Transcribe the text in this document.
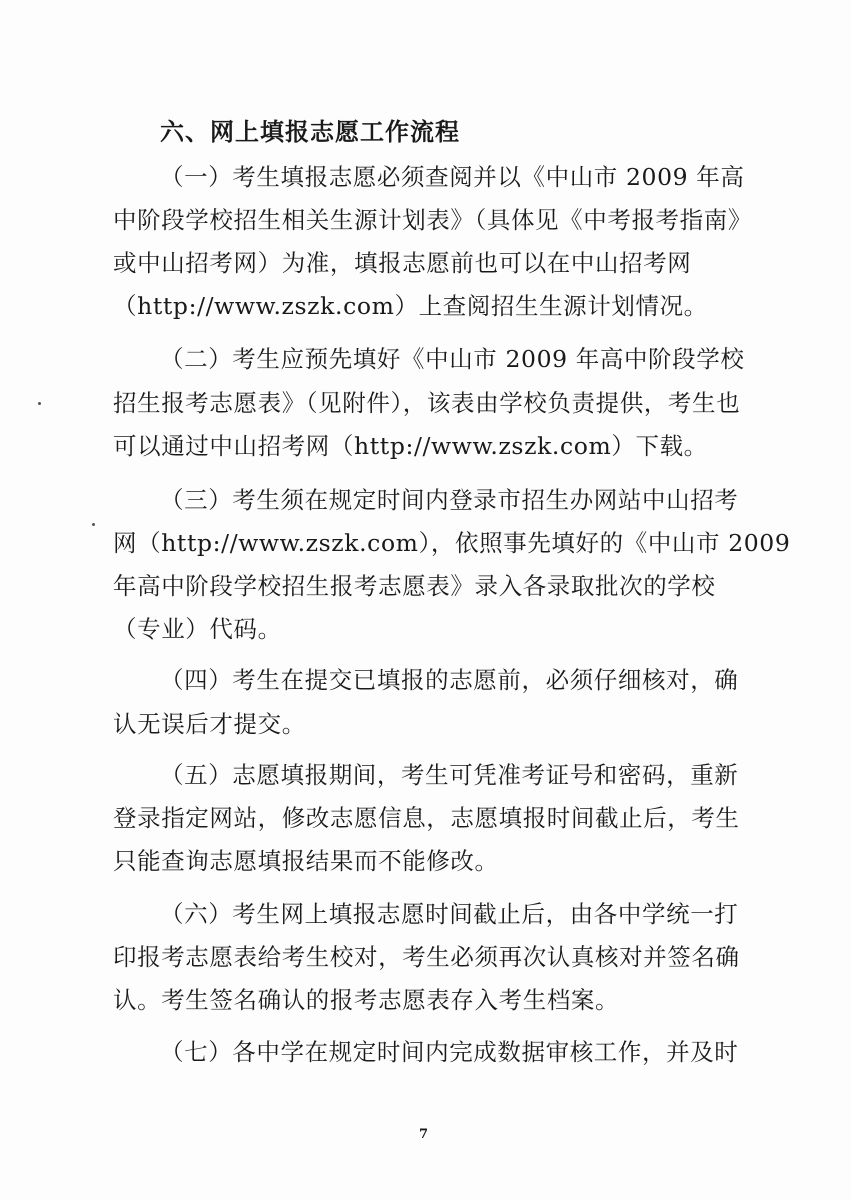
六、网上填报志愿工作流程
（一）考生填报志愿必须查阅并以《中山市 2009 年高
中阶段学校招生相关生源计划表》（具体见《中考报考指南》
或中山招考网）为准，填报志愿前也可以在中山招考网
（http://www.zszk.com）上查阅招生生源计划情况。
（二）考生应预先填好《中山市 2009 年高中阶段学校
招生报考志愿表》（见附件），该表由学校负责提供，考生也
可以通过中山招考网（http://www.zszk.com）下载。
（三）考生须在规定时间内登录市招生办网站中山招考
网（http://www.zszk.com），依照事先填好的《中山市 2009
年高中阶段学校招生报考志愿表》录入各录取批次的学校
（专业）代码。
（四）考生在提交已填报的志愿前，必须仔细核对，确
认无误后才提交。
（五）志愿填报期间，考生可凭准考证号和密码，重新
登录指定网站，修改志愿信息，志愿填报时间截止后，考生
只能查询志愿填报结果而不能修改。
（六）考生网上填报志愿时间截止后，由各中学统一打
印报考志愿表给考生校对，考生必须再次认真核对并签名确
认。考生签名确认的报考志愿表存入考生档案。
（七）各中学在规定时间内完成数据审核工作，并及时
7
